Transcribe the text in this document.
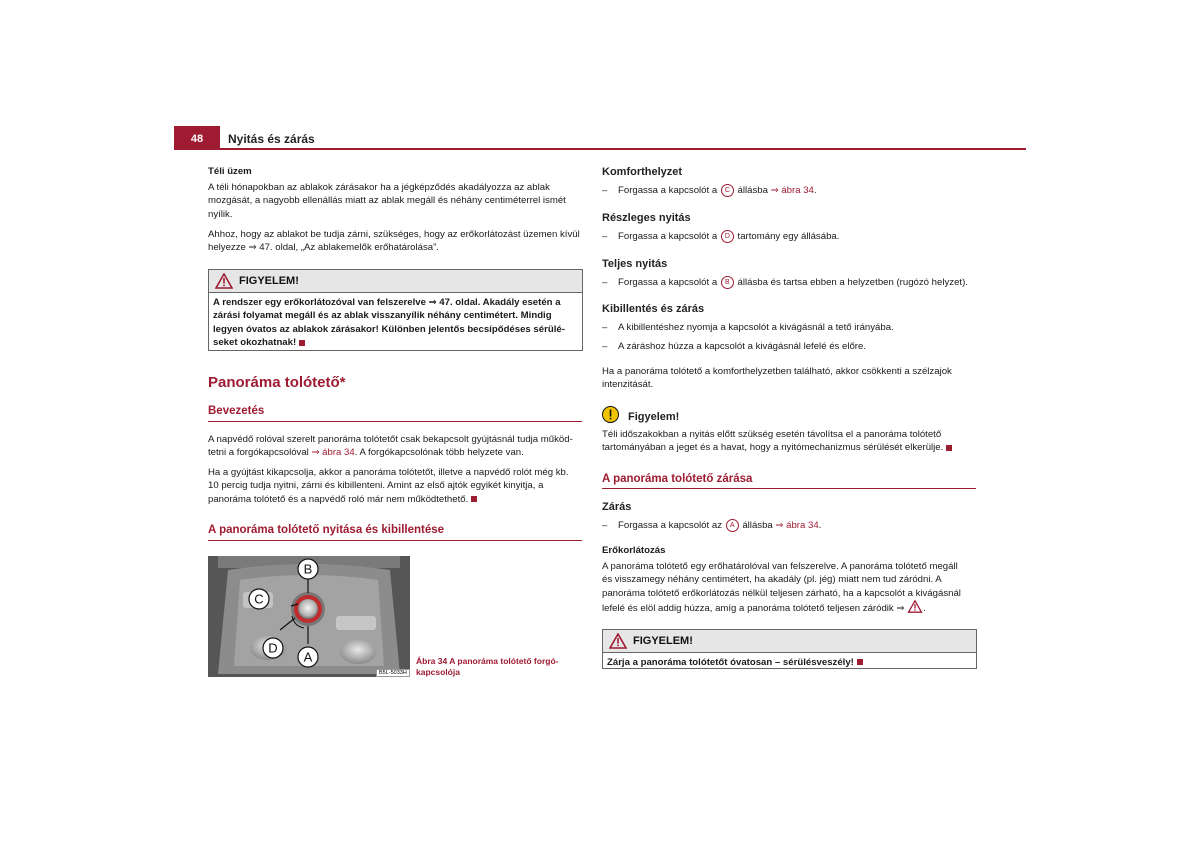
48	Nyitás és zárás
Téli üzem
A téli hónapokban az ablakok zárásakor ha a jégképződés akadályozza az ablak
mozgását, a nagyobb ellenállás miatt az ablak megáll és néhány centiméterrel ismét
nyílik.
Ahhoz, hogy az ablakot be tudja zárni, szükséges, hogy az erőkorlátozást üzemen kívül
helyezze ⇒ 47. oldal, „Az ablakemelők erőhatárolása”.
FIGYELEM!
A rendszer egy erőkorlátozóval van felszerelve ⇒ 47. oldal. Akadály esetén a
zárási folyamat megáll és az ablak visszanyílik néhány centimétert. Mindig
legyen óvatos az ablakok zárásakor! Különben jelentős becsípődéses sérülé-
seket okozhatnak!
Panoráma tolótető*
Bevezetés
A napvédő rolóval szerelt panoráma tolótetőt csak bekapcsolt gyújtásnál tudja működ-
tetni a forgókapcsolóval ⇒ ábra 34. A forgókapcsolónak több helyzete van.
Ha a gyújtást kikapcsolja, akkor a panoráma tolótetőt, illetve a napvédő rolót még kb.
10 percig tudja nyitni, zárni és kibillenteni. Amint az első ajtók egyikét kinyitja, a
panoráma tolótető és a napvédő roló már nem működtethető.
A panoráma tolótető nyitása és kibillentése
B
C
D
A
B5L-5033H
Ábra 34 A panoráma tolótető forgó-
kapcsolója
Komforthelyzet
– Forgassa a kapcsolót a C állásba ⇒ ábra 34.
Részleges nyitás
– Forgassa a kapcsolót a D tartomány egy állásába.
Teljes nyitás
– Forgassa a kapcsolót a B állásba és tartsa ebben a helyzetben (rugózó helyzet).
Kibillentés és zárás
– A kibillentéshez nyomja a kapcsolót a kivágásnál a tető irányába.
– A záráshoz húzza a kapcsolót a kivágásnál lefelé és előre.
Ha a panoráma tolótető a komforthelyzetben található, akkor csökkenti a szélzajok
intenzitását.
Figyelem!
Téli időszakokban a nyitás előtt szükség esetén távolítsa el a panoráma tolótető
tartományában a jeget és a havat, hogy a nyitómechanizmus sérülését elkerülje.
A panoráma tolótető zárása
Zárás
– Forgassa a kapcsolót az A állásba ⇒ ábra 34.
Erőkorlátozás
A panoráma tolótető egy erőhatárolóval van felszerelve. A panoráma tolótető megáll
és visszamegy néhány centimétert, ha akadály (pl. jég) miatt nem tud záródni. A
panoráma tolótető erőkorlátozás nélkül teljesen zárható, ha a kapcsolót a kivágásnál
lefelé és elöl addig húzza, amíg a panoráma tolótető teljesen záródik ⇒ .
FIGYELEM!
Zárja a panoráma tolótetőt óvatosan – sérülésveszély!
